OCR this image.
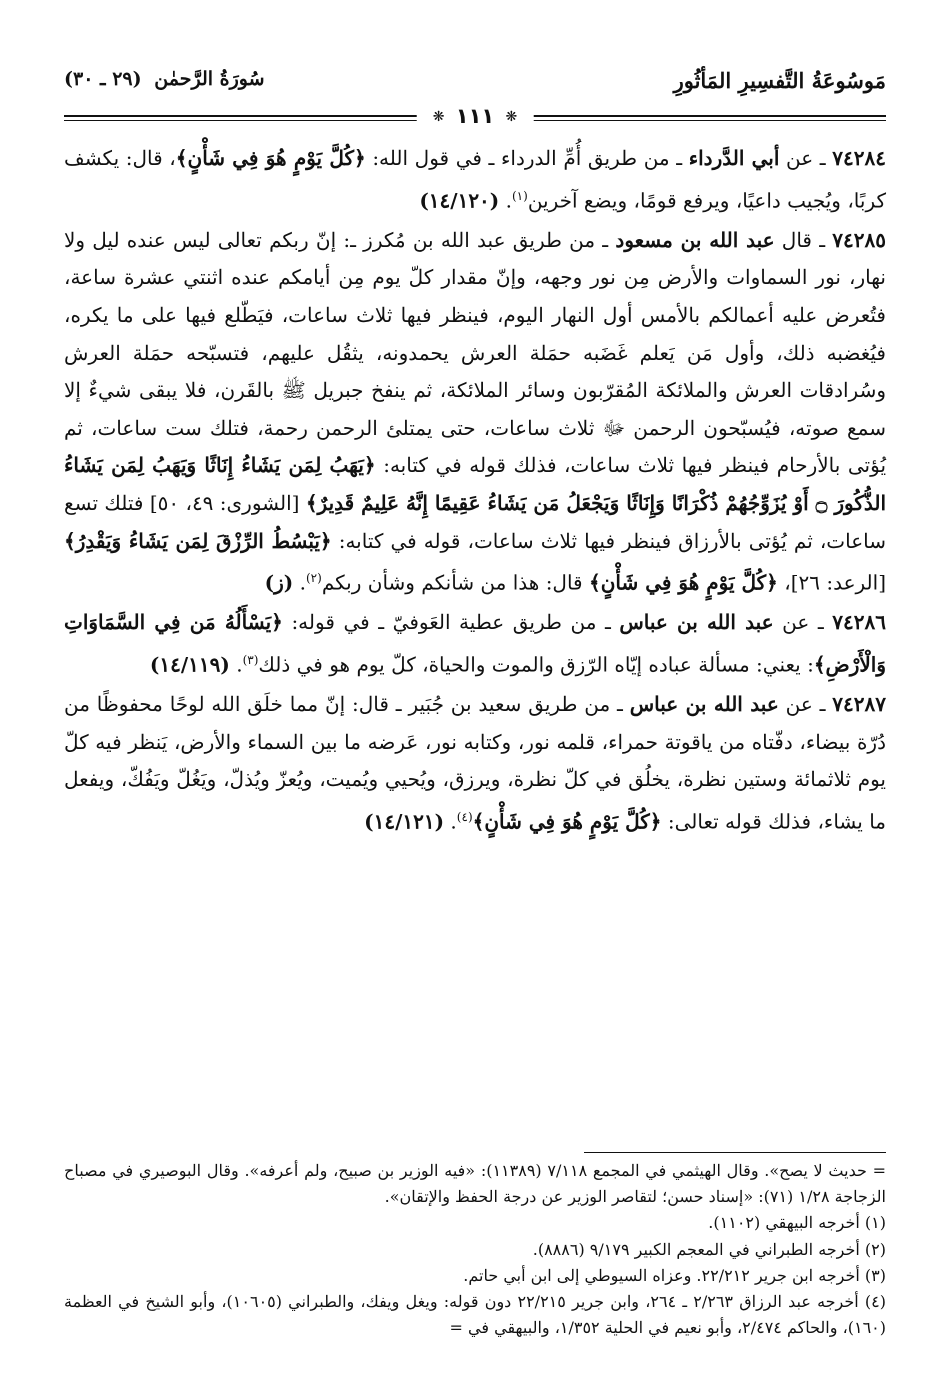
مَوسُوعَةُ التَّفسِيرِ المَأثُورِ
سُورَةُ الرَّحمٰن (٢٩ ـ ٣٠)
❋ ١١١ ❋

٧٤٢٨٤ ـ عن أبي الدَّرداء ـ من طريق أُمِّ الدرداء ـ في قول الله: ﴿كُلَّ يَوْمٍ هُوَ فِي شَأْنٍ﴾، قال: يكشف كربًا، ويُجيب داعيًا، ويرفع قومًا، ويضع آخرين$^{(١)}$. (١٤/١٢٠)

٧٤٢٨٥ ـ قال عبد الله بن مسعود ـ من طريق عبد الله بن مُكرز ـ: إنّ ربكم تعالى ليس عنده ليل ولا نهار، نور السماوات والأرض مِن نور وجهه، وإنّ مقدار كلّ يوم مِن أيامكم عنده اثنتي عشرة ساعة، فتُعرض عليه أعمالكم بالأمس أول النهار اليوم، فينظر فيها ثلاث ساعات، فيَطّلع فيها على ما يكره، فيُغضبه ذلك، وأول مَن يَعلم غَضَبه حمَلة العرش يحمدونه، يثقُل عليهم، فتسبّحه حمَلة العرش وسُرادقات العرش والملائكة المُقرّبون وسائر الملائكة، ثم ينفخ جبريل ﷺ بالقَرن، فلا يبقى شيءٌ إلا سمع صوته، فيُسبّحون الرحمن ﷻ ثلاث ساعات، حتى يمتلئ الرحمن رحمة، فتلك ست ساعات، ثم يُؤتى بالأرحام فينظر فيها ثلاث ساعات، فذلك قوله في كتابه: ﴿يَهَبُ لِمَن يَشَاءُ إِنَاثًا وَيَهَبُ لِمَن يَشَاءُ الذُّكُورَ ۝ أَوْ يُزَوِّجُهُمْ ذُكْرَانًا وَإِنَاثًا وَيَجْعَلُ مَن يَشَاءُ عَقِيمًا إِنَّهُ عَلِيمٌ قَدِيرٌ﴾ [الشورى: ٤٩، ٥٠] فتلك تسع ساعات، ثم يُؤتى بالأرزاق فينظر فيها ثلاث ساعات، قوله في كتابه: ﴿يَبْسُطُ الرِّزْقَ لِمَن يَشَاءُ وَيَقْدِرُ﴾ [الرعد: ٢٦]، ﴿كُلَّ يَوْمٍ هُوَ فِي شَأْنٍ﴾ قال: هذا من شأنكم وشأن ربكم$^{(٢)}$. (ز)

٧٤٢٨٦ ـ عن عبد الله بن عباس ـ من طريق عطية العَوفيّ ـ في قوله: ﴿يَسْأَلُهُ مَن فِي السَّمَاوَاتِ وَالْأَرْضِ﴾: يعني: مسألة عباده إيّاه الرّزق والموت والحياة، كلّ يوم هو في ذلك$^{(٣)}$. (١٤/١١٩)

٧٤٢٨٧ ـ عن عبد الله بن عباس ـ من طريق سعيد بن جُبَير ـ قال: إنّ مما خلَق الله لوحًا محفوظًا من دُرّة بيضاء، دفّتاه من ياقوتة حمراء، قلمه نور، وكتابه نور، عَرضه ما بين السماء والأرض، يَنظر فيه كلّ يوم ثلاثمائة وستين نظرة، يخلُق في كلّ نظرة، ويرزق، ويُحيي ويُميت، ويُعزّ ويُذلّ، ويَغُلّ ويَفُكّ، ويفعل ما يشاء، فذلك قوله تعالى: ﴿كُلَّ يَوْمٍ هُوَ فِي شَأْنٍ﴾$^{(٤)}$. (١٤/١٢١)

= حديث لا يصح». وقال الهيثمي في المجمع ٧/١١٨ (١١٣٨٩): «فيه الوزير بن صبيح، ولم أعرفه». وقال البوصيري في مصباح الزجاجة ١/٢٨ (٧١): «إسناد حسن؛ لتقاصر الوزير عن درجة الحفظ والإتقان».

(١) أخرجه البيهقي (١١٠٢).

(٢) أخرجه الطبراني في المعجم الكبير ٩/١٧٩ (٨٨٨٦).

(٣) أخرجه ابن جرير ٢٢/٢١٢. وعزاه السيوطي إلى ابن أبي حاتم.

(٤) أخرجه عبد الرزاق ٢/٢٦٣ ـ ٢٦٤، وابن جرير ٢٢/٢١٥ دون قوله: ويغل ويفك، والطبراني (١٠٦٠٥)، وأبو الشيخ في العظمة (١٦٠)، والحاكم ٢/٤٧٤، وأبو نعيم في الحلية ١/٣٥٢، والبيهقي في =
